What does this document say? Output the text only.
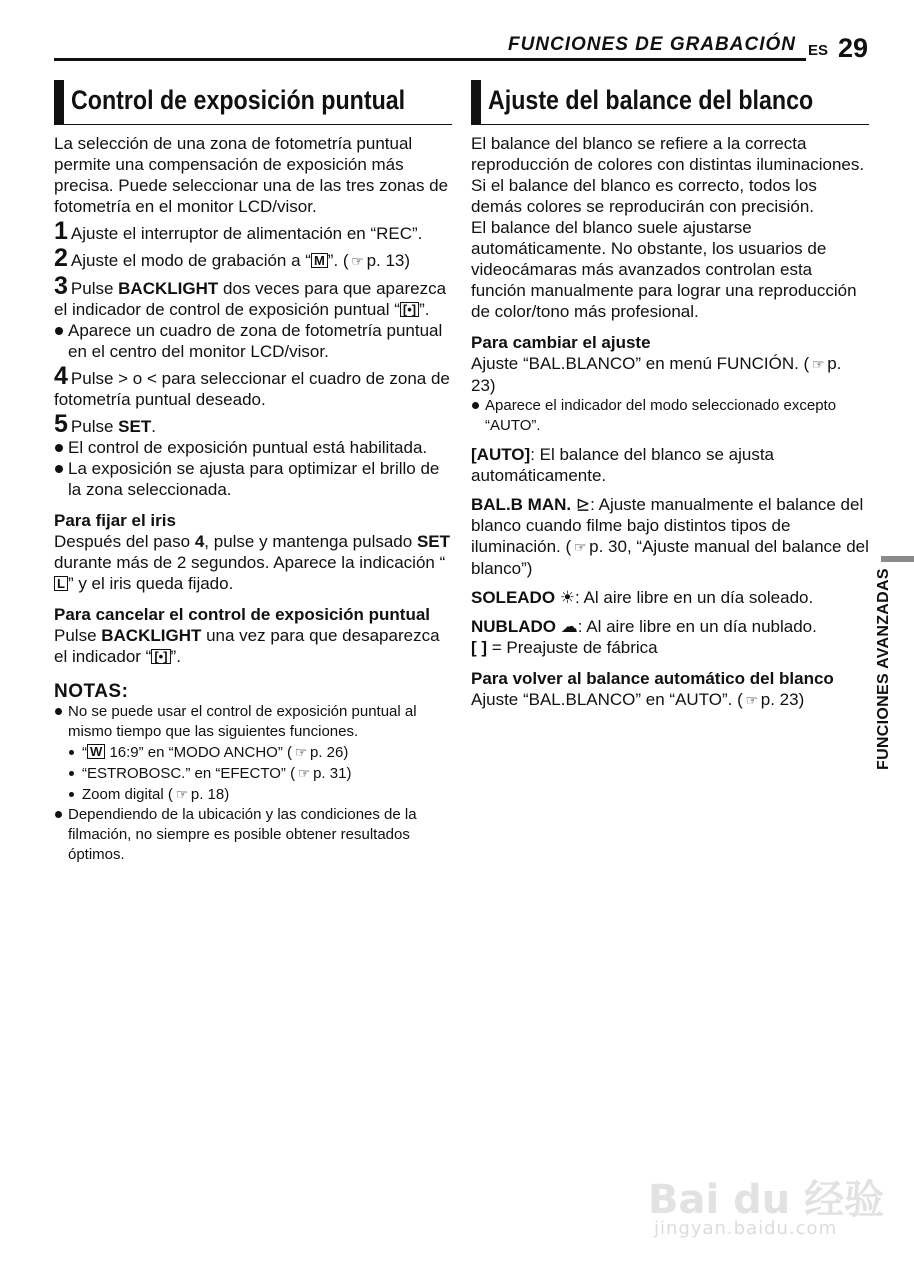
FUNCIONES DE GRABACIÓN ES 29
Control de exposición puntual

La selección de una zona de fotometría puntual permite una compensación de exposición más precisa. Puede seleccionar una de las tres zonas de fotometría en el monitor LCD/visor.

1 Ajuste el interruptor de alimentación en “REC”.
2 Ajuste el modo de grabación a “ M ”. ( ☞ p. 13)
3 Pulse BACKLIGHT dos veces para que aparezca el indicador de control de exposición puntual “ [•] ”.
Aparece un cuadro de zona de fotometría puntual en el centro del monitor LCD/visor.
4 Pulse > o < para seleccionar el cuadro de zona de fotometría puntual deseado.
5 Pulse SET.
El control de exposición puntual está habilitada.
La exposición se ajusta para optimizar el brillo de la zona seleccionada.
Para fijar el iris

Después del paso 4, pulse y mantenga pulsado SET durante más de 2 segundos. Aparece la indicación “L ” y el iris queda fijado.

Para cancelar el control de exposición puntual

Pulse BACKLIGHT una vez para que desaparezca el indicador “ [•] ”.

NOTAS:
No se puede usar el control de exposición puntual al mismo tiempo que las siguientes funciones.
“ W 16:9” en “MODO ANCHO” ( ☞ p. 26)
“ESTROBOSC.” en “EFECTO” ( ☞ p. 31)
Zoom digital ( ☞ p. 18)
Dependiendo de la ubicación y las condiciones de la filmación, no siempre es posible obtener resultados óptimos.
Ajuste del balance del blanco

El balance del blanco se refiere a la correcta reproducción de colores con distintas iluminaciones. Si el balance del blanco es correcto, todos los demás colores se reproducirán con precisión.

El balance del blanco suele ajustarse automáticamente. No obstante, los usuarios de videocámaras más avanzados controlan esta función manualmente para lograr una reproducción de color/tono más profesional.

Para cambiar el ajuste

Ajuste “BAL.BLANCO” en menú FUNCIÓN. ( ☞ p. 23)

Aparece el indicador del modo seleccionado excepto “AUTO”.

[AUTO]: El balance del blanco se ajusta automáticamente.

BAL.B MAN. ⊵: Ajuste manualmente el balance del blanco cuando filme bajo distintos tipos de iluminación. ( ☞ p. 30, “Ajuste manual del balance del blanco”)

SOLEADO ☀: Al aire libre en un día soleado.

NUBLADO ☁: Al aire libre en un día nublado.

[ ] = Preajuste de fábrica

Para volver al balance automático del blanco

Ajuste “BAL.BLANCO” en “AUTO”. ( ☞ p. 23)	FUNCIONES AVANZADAS
Bai du 经验
jingyan.baidu.com
